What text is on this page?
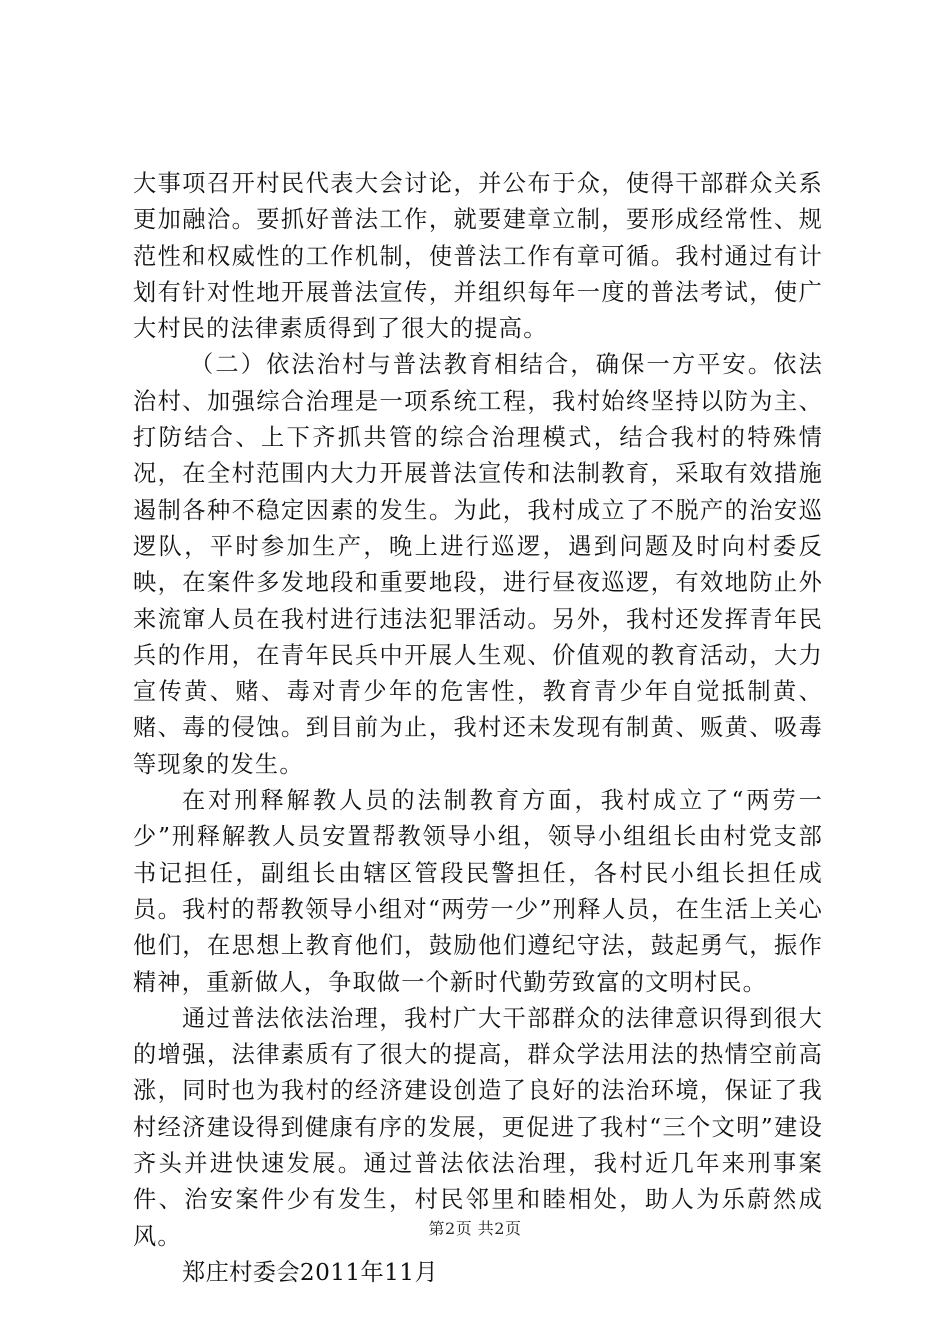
大事项召开村民代表大会讨论，并公布于众，使得干部群众关系更加融洽。要抓好普法工作，就要建章立制，要形成经常性、规范性和权威性的工作机制，使普法工作有章可循。我村通过有计划有针对性地开展普法宣传，并组织每年一度的普法考试，使广大村民的法律素质得到了很大的提高。

（二）依法治村与普法教育相结合，确保一方平安。依法治村、加强综合治理是一项系统工程，我村始终坚持以防为主、打防结合、上下齐抓共管的综合治理模式，结合我村的特殊情况，在全村范围内大力开展普法宣传和法制教育，采取有效措施遏制各种不稳定因素的发生。为此，我村成立了不脱产的治安巡逻队，平时参加生产，晚上进行巡逻，遇到问题及时向村委反映，在案件多发地段和重要地段，进行昼夜巡逻，有效地防止外来流窜人员在我村进行违法犯罪活动。另外，我村还发挥青年民兵的作用，在青年民兵中开展人生观、价值观的教育活动，大力宣传黄、赌、毒对青少年的危害性，教育青少年自觉抵制黄、赌、毒的侵蚀。到目前为止，我村还未发现有制黄、贩黄、吸毒等现象的发生。

在对刑释解教人员的法制教育方面，我村成立了“两劳一少”刑释解教人员安置帮教领导小组，领导小组组长由村党支部书记担任，副组长由辖区管段民警担任，各村民小组长担任成员。我村的帮教领导小组对“两劳一少”刑释人员，在生活上关心他们，在思想上教育他们，鼓励他们遵纪守法，鼓起勇气，振作精神，重新做人，争取做一个新时代勤劳致富的文明村民。

通过普法依法治理，我村广大干部群众的法律意识得到很大的增强，法律素质有了很大的提高，群众学法用法的热情空前高涨，同时也为我村的经济建设创造了良好的法治环境，保证了我村经济建设得到健康有序的发展，更促进了我村“三个文明”建设齐头并进快速发展。通过普法依法治理，我村近几年来刑事案件、治安案件少有发生，村民邻里和睦相处，助人为乐蔚然成风。

郑庄村委会2011年11月

第2页 共2页
